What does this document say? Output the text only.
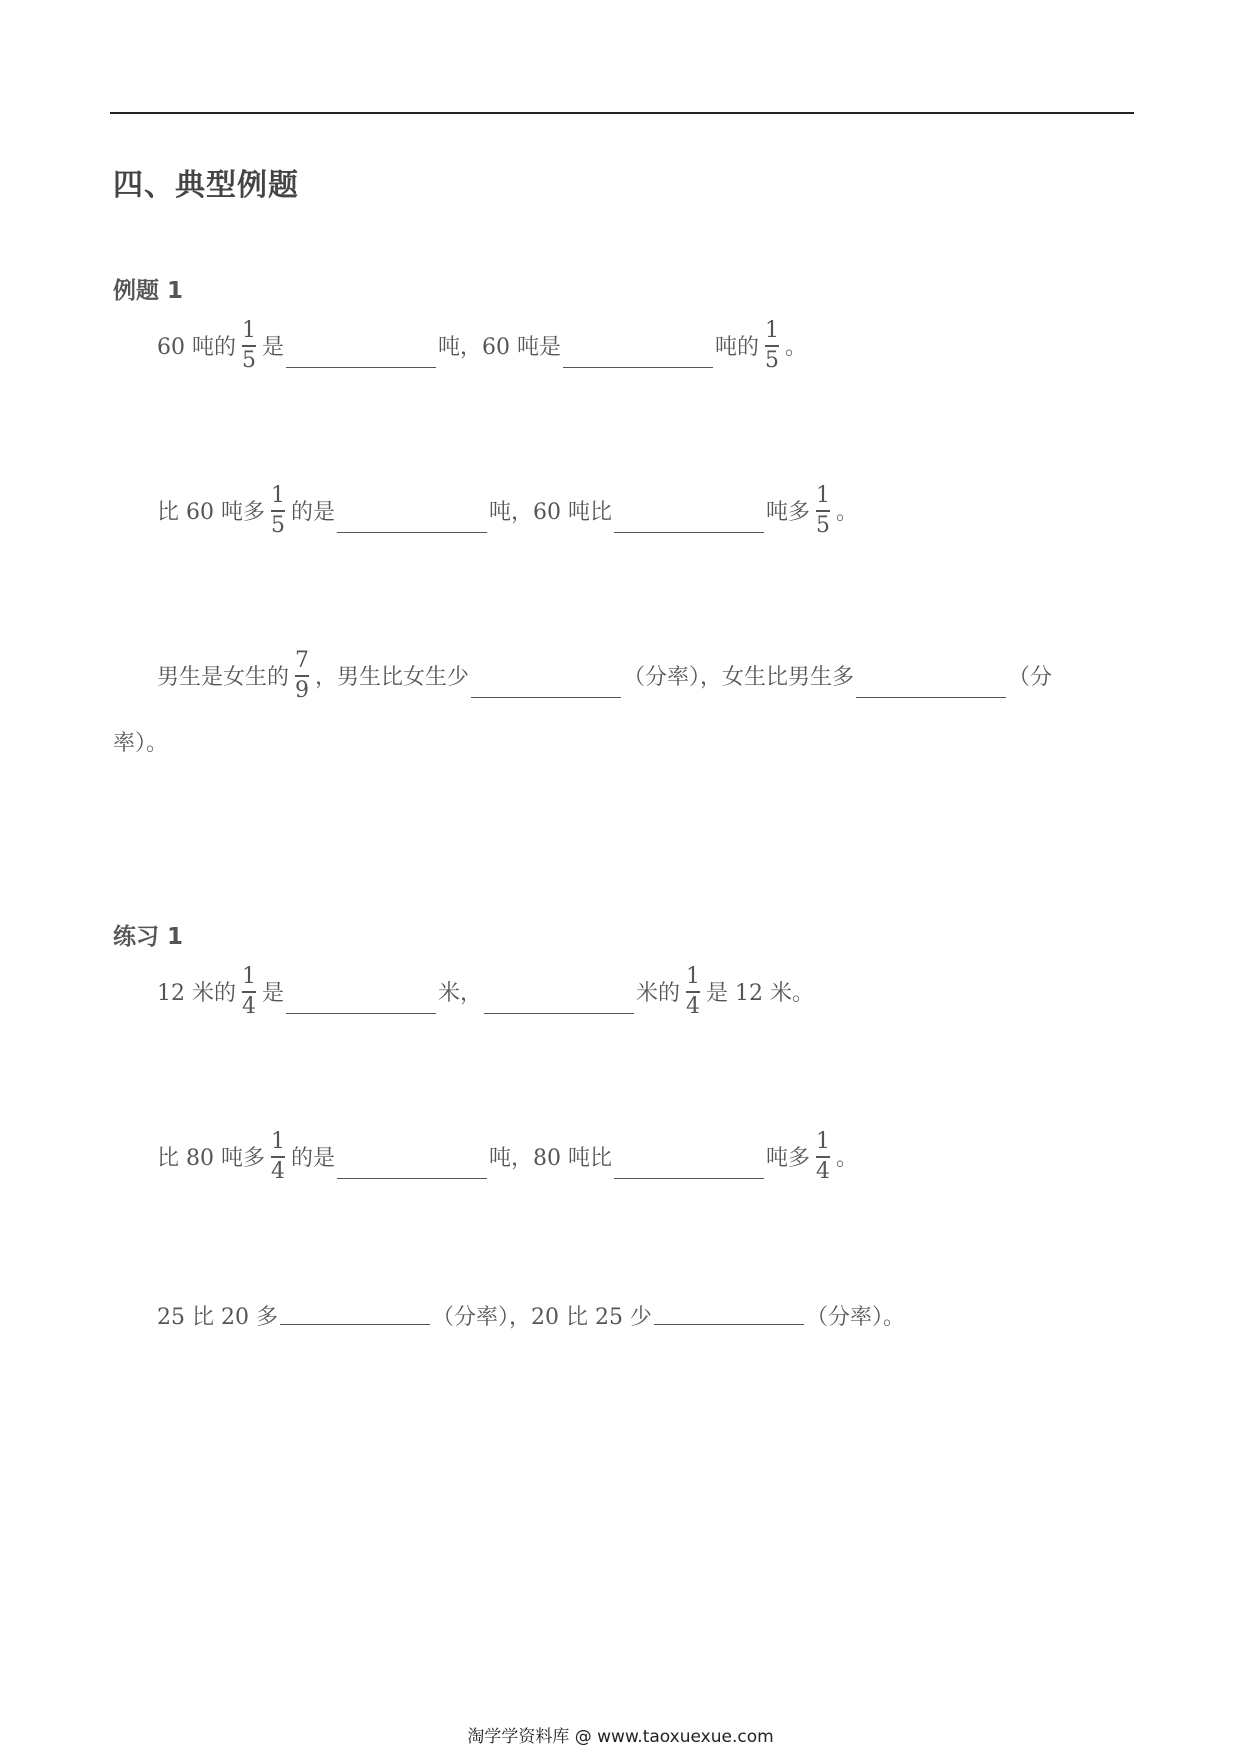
四、典型例题
例题 1
60 吨的 $\frac{1}{5}$ 是	吨，60 吨是	吨的 $\frac{1}{5}$ 。
比 60 吨多 $\frac{1}{5}$ 的是	吨，60 吨比	吨多 $\frac{1}{5}$ 。
男生是女生的 $\frac{7}{9}$ ，男生比女生少	（分率），女生比男生多	（分
率）。
练习 1
12 米的 $\frac{1}{4}$ 是	米，	米的 $\frac{1}{4}$ 是 12 米。
比 80 吨多 $\frac{1}{4}$ 的是	吨，80 吨比	吨多 $\frac{1}{4}$ 。
25 比 20 多	（分率），20 比 25 少	（分率）。
淘学学资料库 @ www.taoxuexue.com
